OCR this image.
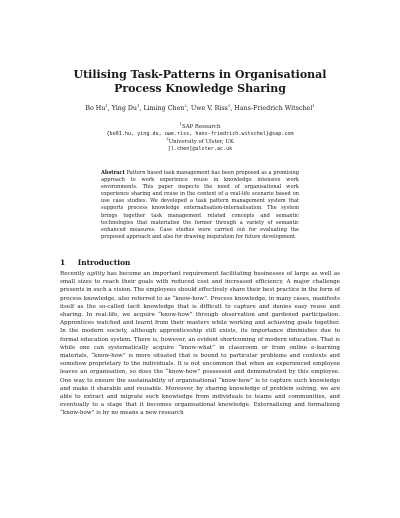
Utilising Task-Patterns in Organisational
Process Knowledge Sharing
Bo Hu$^1$, Ying Du$^1$, Liming Chen$^2$, Uwe V. Riss$^1$, Hans-Friedrich Witschel$^1$
$^1$SAP Research
{bo01.hu, ying.du, uwe.riss, hans-friedrich.witschel}@sap.com
$^2$University of Ulster, UK
[l.chen]@ulster.ac.uk
Abstract Pattern based task management has been proposed as a promising approach to work experience reuse in knowledge intensive work environments. This paper inspects the need of organisational work experience sharing and reuse in the context of a real-life scenario based on use case studies. We developed a task pattern management system that supports process knowledge externalisation-internalisation. The system brings together task management related concepts and semantic technologies that materialise the former through a variety of semantic enhanced measures. Case studies were carried out for evaluating the proposed approach and also for drawing inspiration for future development.
1 Introduction
Recently agility has become an important requirement facilitating businesses of large as well as small sizes to reach their goals with reduced cost and increased efficiency. A major challenge presents in such a vision. The employees should effectively share their best practice in the form of process knowledge, also referred to as “know-how”. Process knowledge, in many cases, manifests itself as the so-called tacit knowledge that is difficult to capture and denies easy reuse and sharing. In real-life, we acquire “know-how” through observation and gardened participation. Apprentices watched and learnt from their masters while working and achieving goals together. In the modern society, although apprenticeship still exists, its importance diminishes due to formal education system. There is, however, an evident shortcoming of modern education. That is while one can systematically acquire “know-what” in classroom or from online e-learning materials, “know-how” is more situated that is bound to particular problems and contexts and somehow proprietary to the individuals. It is not uncommon that when an experienced employee leaves an organisation, so does the “know-how” possessed and demonstrated by this employee. One way to ensure the sustainability of organisational “know-how” is to capture such knowledge and make it sharable and reusable. Moreover, by sharing knowledge of problem solving, we are able to extract and migrate such knowledge from individuals to teams and communities, and eventually to a stage that it becomes organisational knowledge. Externalising and formalising “know-how” is by no means a new research
